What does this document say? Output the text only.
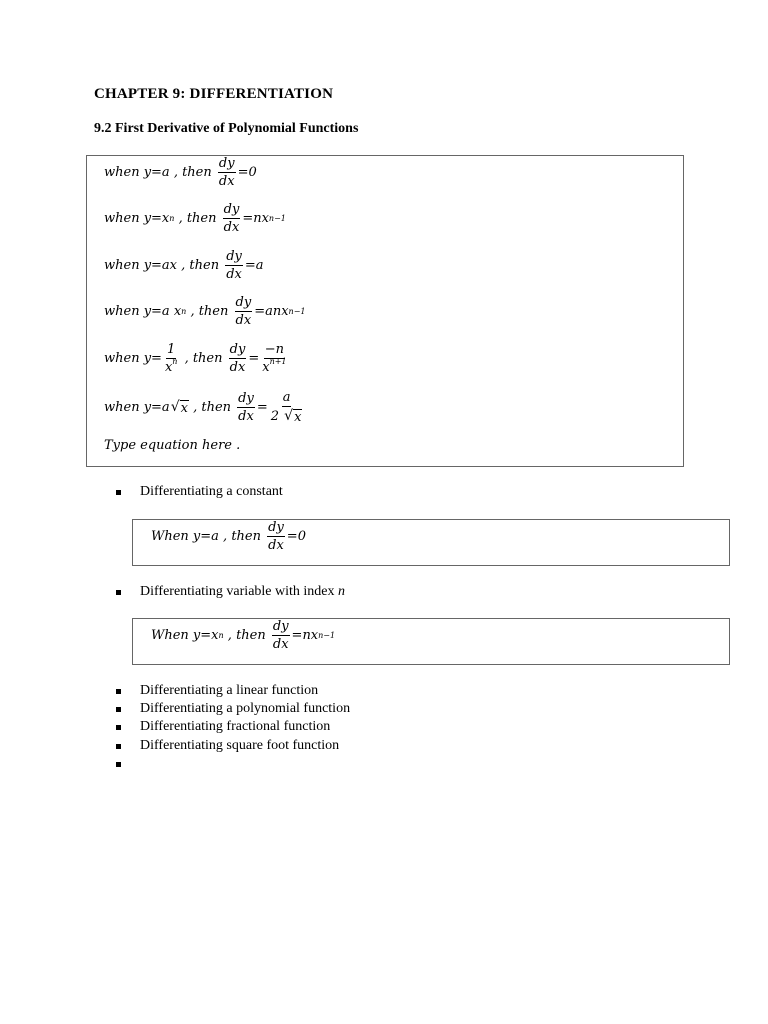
CHAPTER 9: DIFFERENTIATION
9.2 First Derivative of Polynomial Functions
when y=a , then $\frac{dy}{dx} =0$
when y=x n , then $\frac{dy}{dx} =nx$ n−1
when y=ax , then $\frac{dy}{dx} =a$
when y=a x n , then $\frac{dy}{dx} =anx$ n−1
when $y= \frac{1}{x^n}$ , then $\frac{dy}{dx} = \frac{-n}{x^{n+1}}$
when y=a √ x , then $\frac{dy}{dx} = \frac{a}{2 √ x}$
Type equation here .
Differentiating a constant
When y=a , then $\frac{dy}{dx} =0$
Differentiating variable with index n
When y=x n , then $\frac{dy}{dx} =nx$ n−1
Differentiating a linear function
Differentiating a polynomial function
Differentiating fractional function
Differentiating square foot function
